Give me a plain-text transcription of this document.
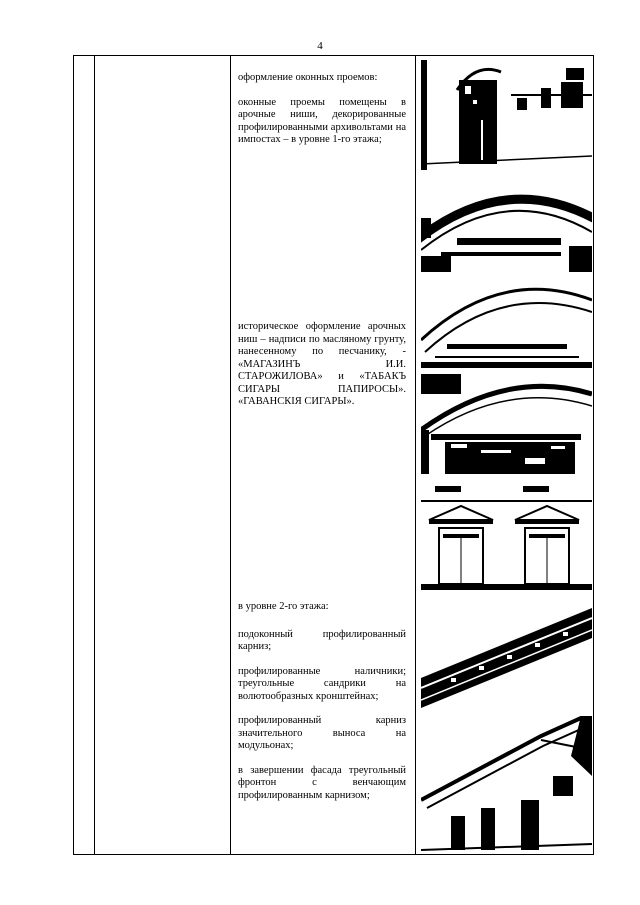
4

оформление оконных проемов:

оконные проемы помещены в арочные ниши, декорированные профилированными архивольтами на импостах – в уровне 1-го этажа;

историческое оформление арочных ниш – надписи по масляному грунту, нанесенному по песчанику, - «МАГАЗИНЪ И.И. СТАРОЖИЛОВА» и «ТАБАКЪ СИГАРЫ ПАПИРОСЫ». «ГАВАНСКIЯ СИГАРЫ».

в уровне 2-го этажа:

подоконный профилированный карниз;

профилированные наличники; треугольные сандрики на волютообразных кронштейнах;

профилированный карниз значительного выноса на модульонах;

в завершении фасада треугольный фронтон с венчающим профилированным карнизом;
